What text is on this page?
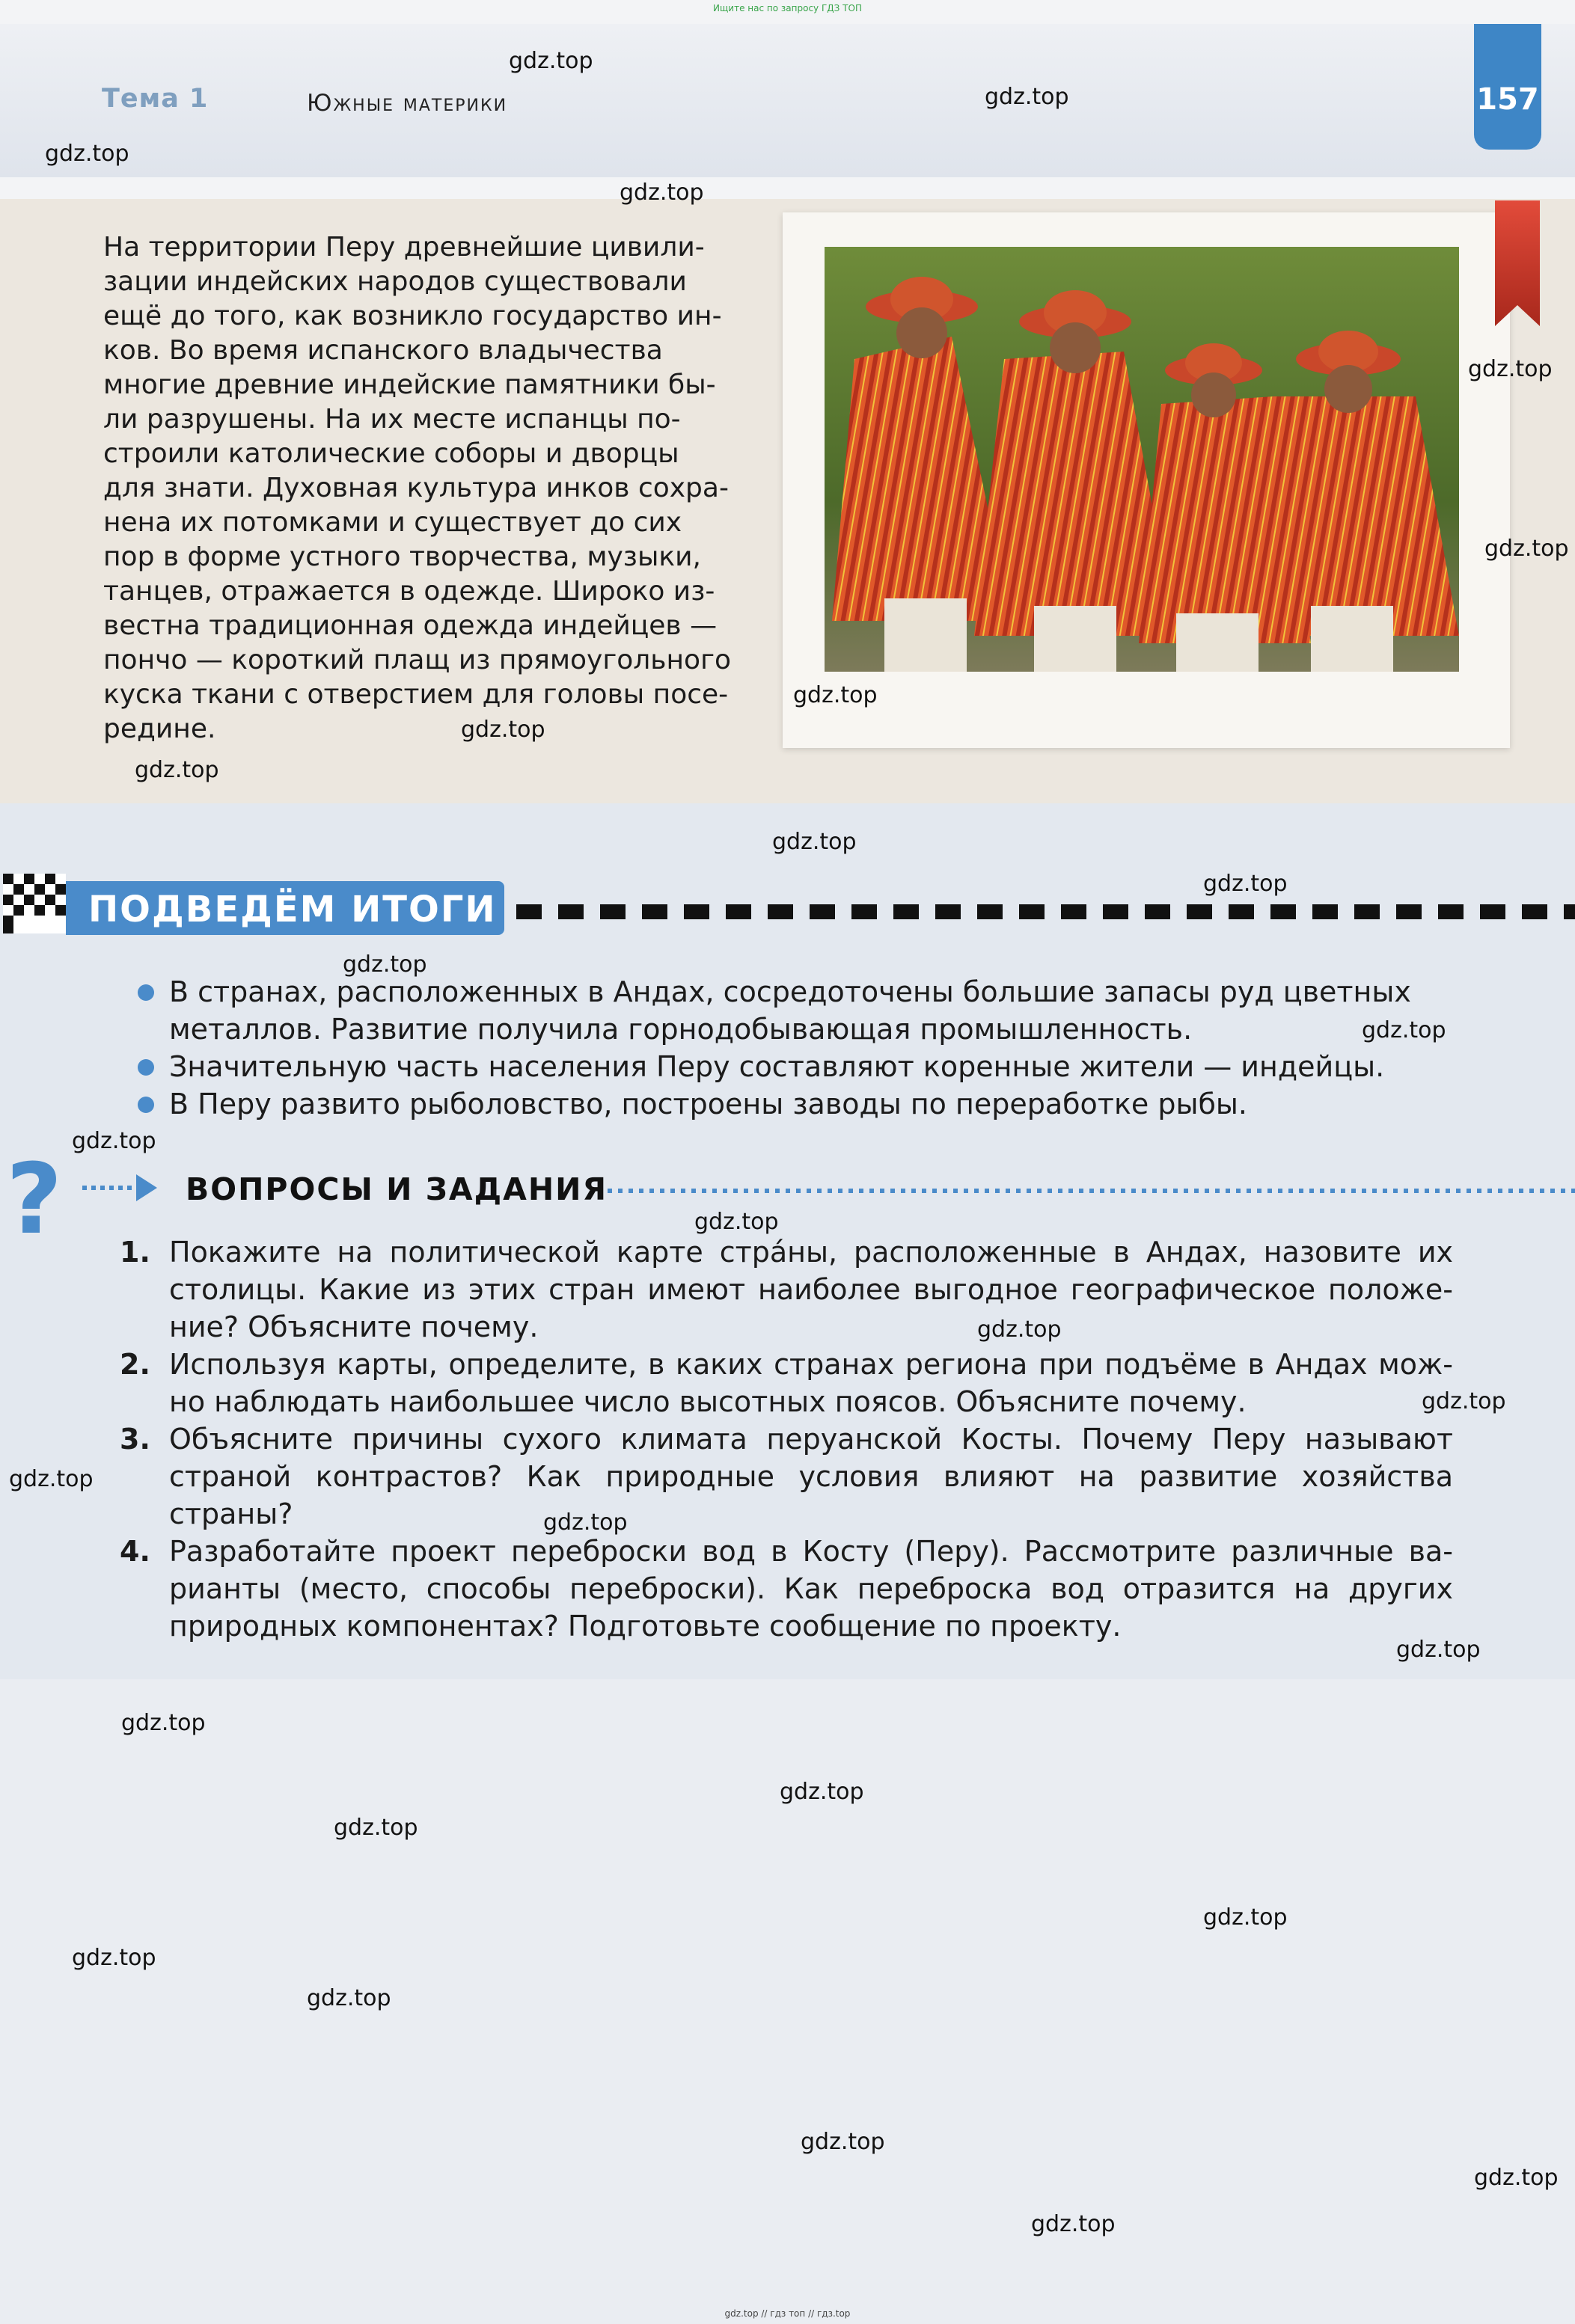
Ищите нас по запросу ГДЗ ТОП
Тема 1	Южные материки	157
На территории Перу древнейшие цивили-
зации индейских народов существовали
ещё до того, как возникло государство ин-
ков. Во время испанского владычества
многие древние индейские памятники бы-
ли разрушены. На их месте испанцы по-
строили католические соборы и дворцы
для знати. Духовная культура инков сохра-
нена их потомками и существует до сих
пор в форме устного творчества, музыки,
танцев, отражается в одежде. Широко из-
вестна традиционная одежда индейцев —
пончо — короткий плащ из прямоугольного
куска ткани с отверстием для головы посе-
редине.
ПОДВЕДЁМ ИТОГИ
В странах, расположенных в Андах, сосредоточены большие запасы руд цветных
металлов. Развитие получила горнодобывающая промышленность.
Значительную часть населения Перу составляют коренные жители — индейцы.
В Перу развито рыболовство, построены заводы по переработке рыбы.
?	ВОПРОСЫ И ЗАДАНИЯ
1. Покажите на политической карте стрáны, расположенные в Андах, назовите их
столицы. Какие из этих стран имеют наиболее выгодное географическое положе-
ние? Объясните почему.
2. Используя карты, определите, в каких странах региона при подъёме в Андах мож-
но наблюдать наибольшее число высотных поясов. Объясните почему.
3. Объясните причины сухого климата перуанской Косты. Почему Перу называют
страной контрастов? Как природные условия влияют на развитие хозяйства
страны?
4. Разработайте проект переброски вод в Косту (Перу). Рассмотрите различные ва-
рианты (место, способы переброски). Как переброска вод отразится на других
природных компонентах? Подготовьте сообщение по проекту.
gdz.top
gdz.top
gdz.top
gdz.top
gdz.top
gdz.top
gdz.top
gdz.top
gdz.top
gdz.top
gdz.top
gdz.top
gdz.top
gdz.top
gdz.top
gdz.top
gdz.top
gdz.top
gdz.top
gdz.top
gdz.top
gdz.top
gdz.top
gdz.top
gdz.top
gdz.top
gdz.top
gdz.top
gdz.top
gdz.top // гдз топ // гдз.top
